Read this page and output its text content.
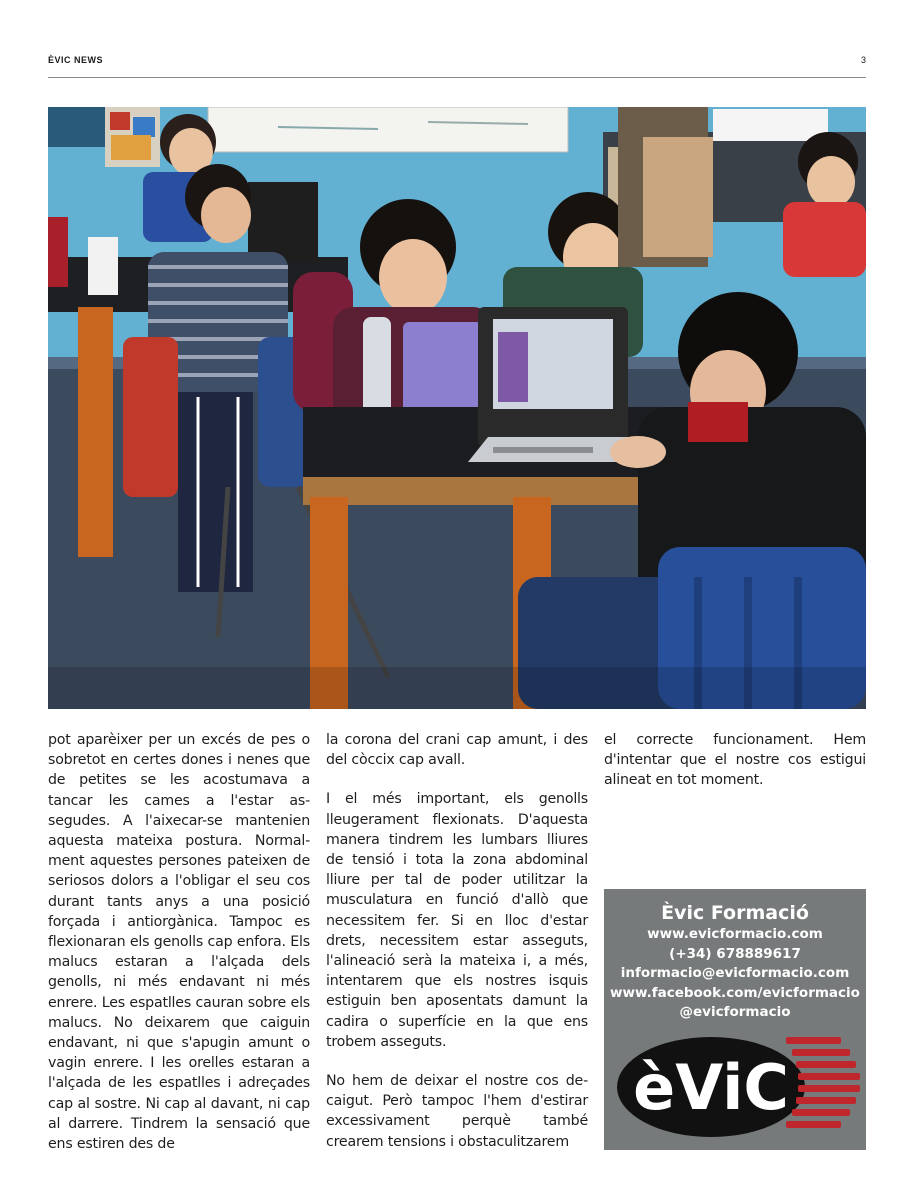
ÈVIC NEWS	3

pot aparèixer per un excés de pes o sobretot en certes dones i nenes que de petites se les acostumava a tancar les cames a l'estar as-segudes. A l'aixecar-se mantenien aquesta mateixa postura. Normal-ment aquestes persones pateixen de seriosos dolors a l'obligar el seu cos durant tants anys a una posició forçada i antiorgànica. Tampoc es flexionaran els genolls cap enfora. Els malucs estaran a l'alçada dels genolls, ni més endavant ni més enrere. Les espatlles cauran sobre els malucs. No deixarem que caiguin endavant, ni que s'apugin amunt o vagin enrere. I les orelles estaran a l'alçada de les espatlles i adreçades cap al sostre. Ni cap al davant, ni cap al darrere. Tindrem la sensació que ens estiren des de

la corona del crani cap amunt, i des del còccix cap avall.

I el més important, els genolls lleugerament flexionats. D'aquesta manera tindrem les lumbars lliures de tensió i tota la zona abdominal lliure per tal de poder utilitzar la musculatura en funció d'allò que necessitem fer. Si en lloc d'estar drets, necessitem estar asseguts, l'alineació serà la mateixa i, a més, intentarem que els nostres isquis estiguin ben aposentats damunt la cadira o superfície en la que ens trobem asseguts.

No hem de deixar el nostre cos de-caigut. Però tampoc l'hem d'estirar excessivament perquè també crearem tensions i obstaculitzarem

el correcte funcionament. Hem d'intentar que el nostre cos estigui alineat en tot moment.

Èvic Formació
www.evicformacio.com
(+34) 678889617
informacio@evicformacio.com
www.facebook.com/evicformacio
@evicformacio
èViC
